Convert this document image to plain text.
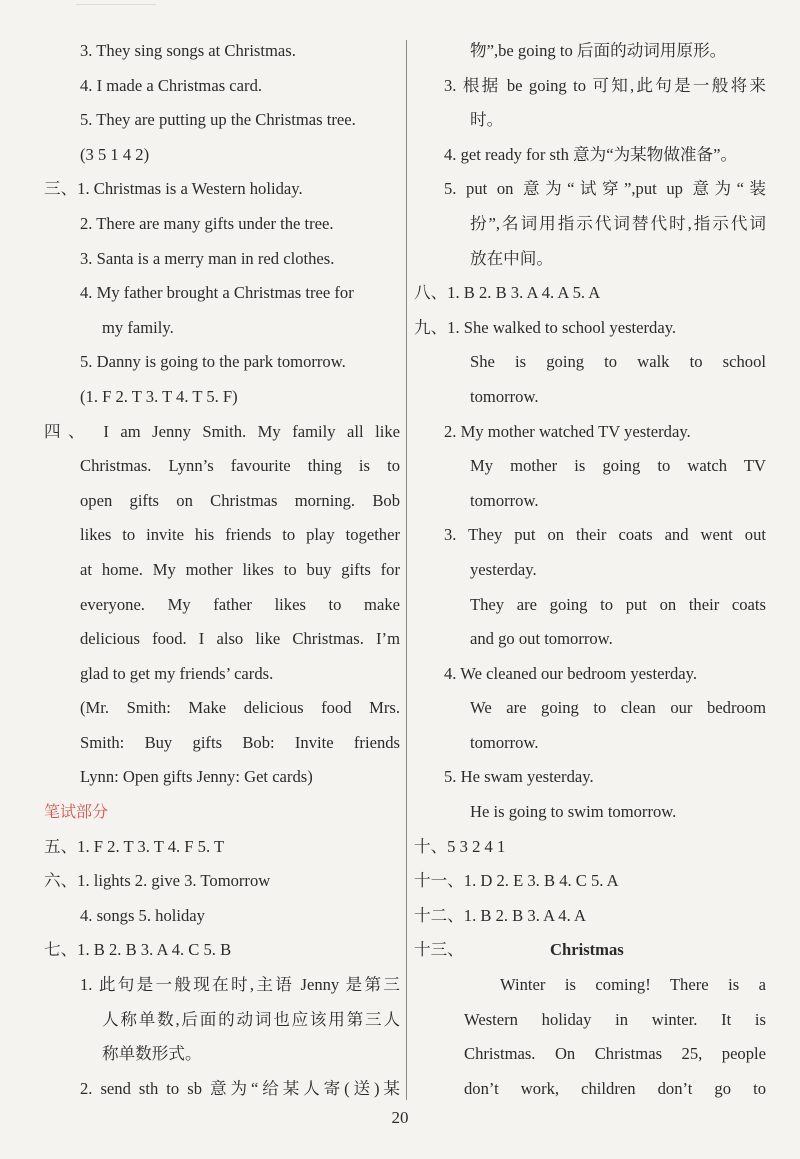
3. They sing songs at Christmas.
4. I made a Christmas card.
5. They are putting up the Christmas tree.
(3 5 1 4 2)
三、1. Christmas is a Western holiday.
2. There are many gifts under the tree.
3. Santa is a merry man in red clothes.
4. My father brought a Christmas tree for
my family.
5. Danny is going to the park tomorrow.
(1. F 2. T 3. T 4. T 5. F)
四、 I am Jenny Smith. My family all like
Christmas. Lynn’s favourite thing is to
open gifts on Christmas morning. Bob
likes to invite his friends to play together
at home. My mother likes to buy gifts for
everyone. My father likes to make
delicious food. I also like Christmas. I’m
glad to get my friends’ cards.
(Mr. Smith: Make delicious food Mrs.
Smith: Buy gifts Bob: Invite friends
Lynn: Open gifts Jenny: Get cards)
笔试部分
五、1. F 2. T 3. T 4. F 5. T
六、1. lights 2. give 3. Tomorrow
4. songs 5. holiday
七、1. B 2. B 3. A 4. C 5. B
1. 此句是一般现在时,主语 Jenny 是第三
人称单数,后面的动词也应该用第三人
称单数形式。
2. send sth to sb 意为“给某人寄(送)某
物”,be going to 后面的动词用原形。
3. 根据 be going to 可知,此句是一般将来
时。
4. get ready for sth 意为“为某物做准备”。
5. put on 意为“试穿”,put up 意为“装
扮”,名词用指示代词替代时,指示代词
放在中间。
八、1. B 2. B 3. A 4. A 5. A
九、1. She walked to school yesterday.
She is going to walk to school
tomorrow.
2. My mother watched TV yesterday.
My mother is going to watch TV
tomorrow.
3. They put on their coats and went out
yesterday.
They are going to put on their coats
and go out tomorrow.
4. We cleaned our bedroom yesterday.
We are going to clean our bedroom
tomorrow.
5. He swam yesterday.
He is going to swim tomorrow.
十、5 3 2 4 1
十一、1. D 2. E 3. B 4. C 5. A
十二、1. B 2. B 3. A 4. A
十三、	Christmas
Winter is coming! There is a
Western holiday in winter. It is
Christmas. On Christmas 25, people
don’t work, children don’t go to
20
